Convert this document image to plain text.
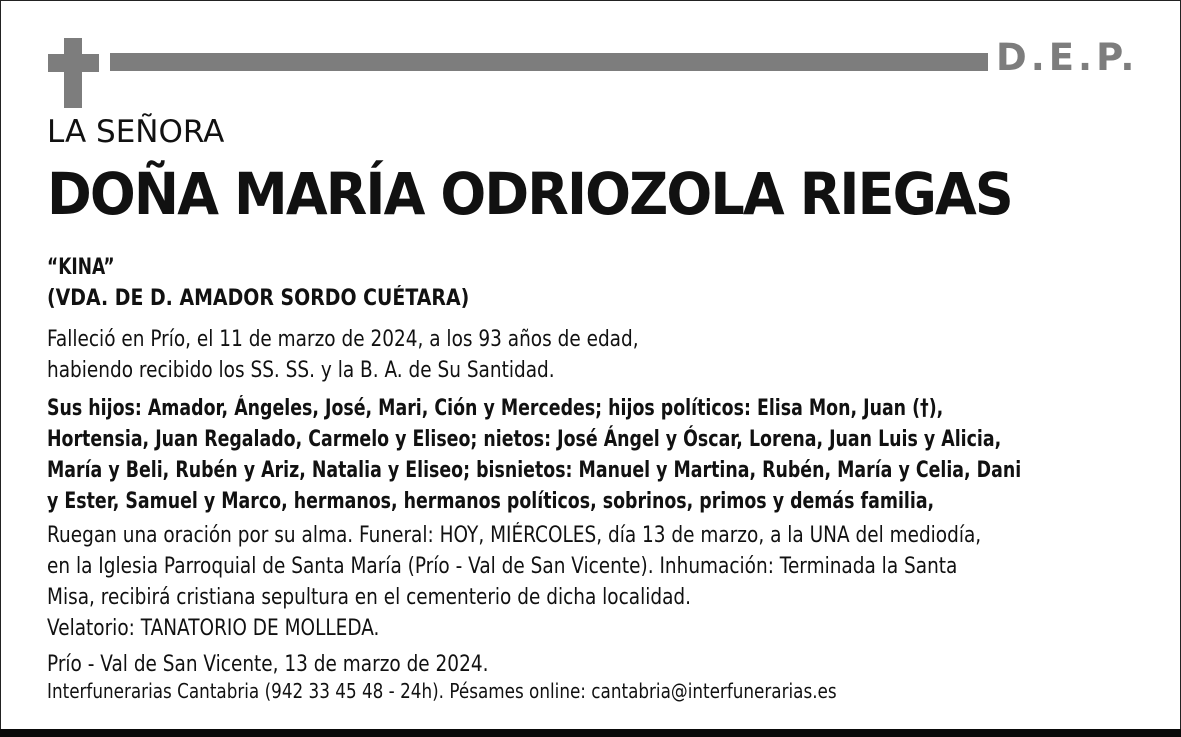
D.E.P.
LA SEÑORA
DOÑA MARÍA ODRIOZOLA RIEGAS
“KINA”
(VDA. DE D. AMADOR SORDO CUÉTARA)
Falleció en Prío, el 11 de marzo de 2024, a los 93 años de edad,
habiendo recibido los SS. SS. y la B. A. de Su Santidad.
Sus hijos: Amador, Ángeles, José, Mari, Ción y Mercedes; hijos políticos: Elisa Mon, Juan (†),
Hortensia, Juan Regalado, Carmelo y Eliseo; nietos: José Ángel y Óscar, Lorena, Juan Luis y Alicia,
María y Beli, Rubén y Ariz, Natalia y Eliseo; bisnietos: Manuel y Martina, Rubén, María y Celia, Dani
y Ester, Samuel y Marco, hermanos, hermanos políticos, sobrinos, primos y demás familia,
Ruegan una oración por su alma. Funeral: HOY, MIÉRCOLES, día 13 de marzo, a la UNA del mediodía,
en la Iglesia Parroquial de Santa María (Prío - Val de San Vicente). Inhumación: Terminada la Santa
Misa, recibirá cristiana sepultura en el cementerio de dicha localidad.
Velatorio: TANATORIO DE MOLLEDA.
Prío - Val de San Vicente, 13 de marzo de 2024.
Interfunerarias Cantabria (942 33 45 48 - 24h). Pésames online: cantabria@interfunerarias.es
